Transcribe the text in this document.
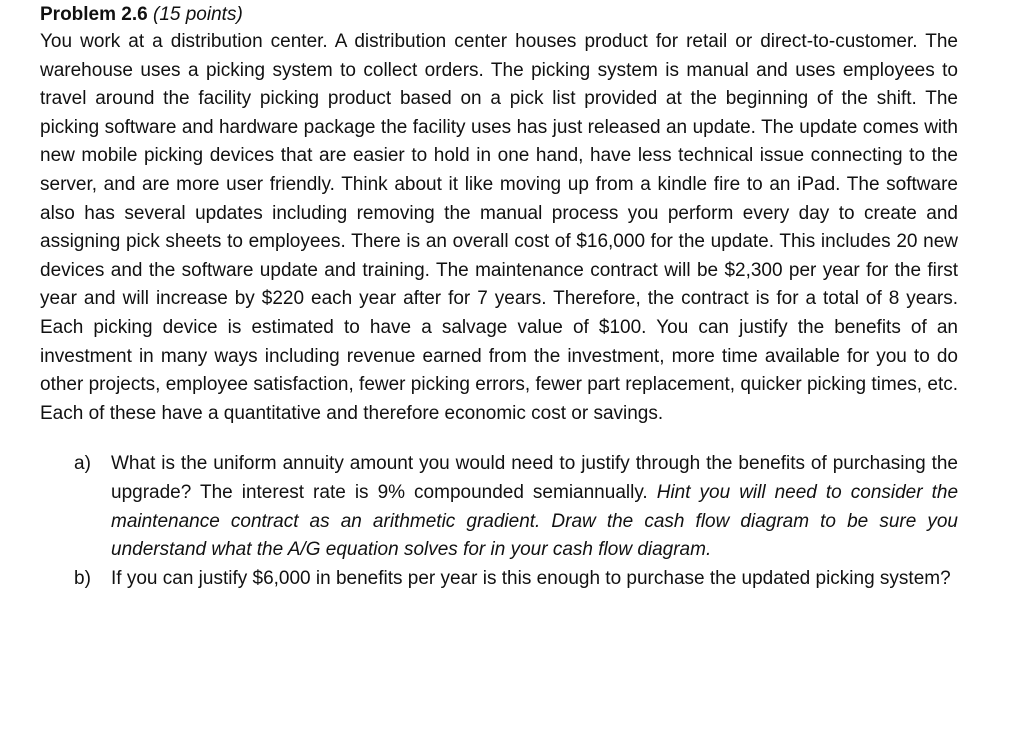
Problem 2.6 (15 points)

You work at a distribution center. A distribution center houses product for retail or direct-to-customer. The warehouse uses a picking system to collect orders. The picking system is manual and uses employees to travel around the facility picking product based on a pick list provided at the beginning of the shift. The picking software and hardware package the facility uses has just released an update. The update comes with new mobile picking devices that are easier to hold in one hand, have less technical issue connecting to the server, and are more user friendly. Think about it like moving up from a kindle fire to an iPad. The software also has several updates including removing the manual process you perform every day to create and assigning pick sheets to employees. There is an overall cost of $16,000 for the update. This includes 20 new devices and the software update and training. The maintenance contract will be $2,300 per year for the first year and will increase by $220 each year after for 7 years. Therefore, the contract is for a total of 8 years. Each picking device is estimated to have a salvage value of $100. You can justify the benefits of an investment in many ways including revenue earned from the investment, more time available for you to do other projects, employee satisfaction, fewer picking errors, fewer part replacement, quicker picking times, etc. Each of these have a quantitative and therefore economic cost or savings.

a) What is the uniform annuity amount you would need to justify through the benefits of purchasing the upgrade? The interest rate is 9% compounded semiannually. Hint you will need to consider the maintenance contract as an arithmetic gradient. Draw the cash flow diagram to be sure you understand what the A/G equation solves for in your cash flow diagram.
b) If you can justify $6,000 in benefits per year is this enough to purchase the updated picking system?
